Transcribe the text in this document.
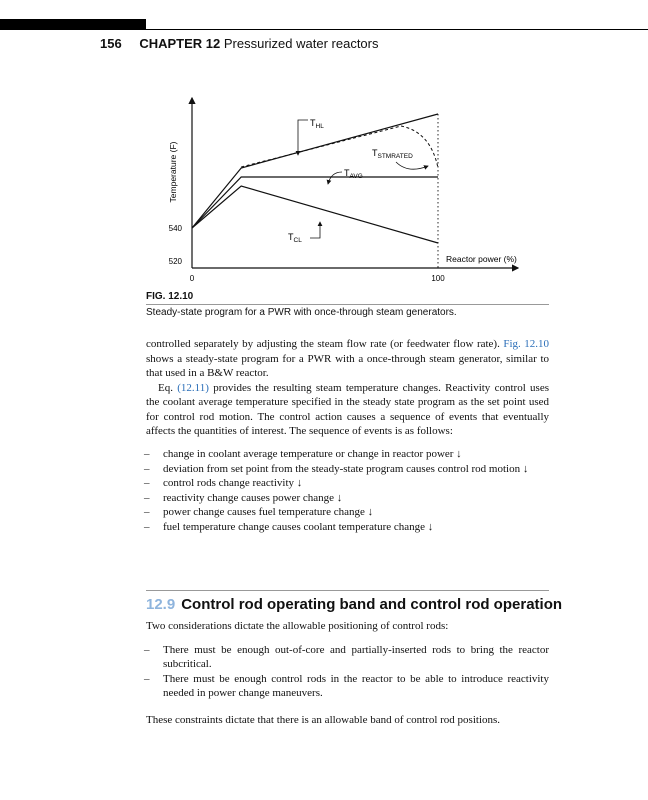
156 CHAPTER 12 Pressurized water reactors
540
520
0	100
Temperature (F)
Reactor power (%)
$T_{HL}$
$T_{STMRATED}$
$T_{AVG}$
$T_{CL}$
FIG. 12.10
Steady-state program for a PWR with once-through steam generators.
controlled separately by adjusting the steam flow rate (or feedwater flow rate). Fig. 12.10 shows a steady-state program for a PWR with a once-through steam generator, similar to that used in a B&W reactor.
Eq. (12.11) provides the resulting steam temperature changes. Reactivity control uses the coolant average temperature specified in the steady state program as the set point used for control rod motion. The control action causes a sequence of events that eventually affects the quantities of interest. The sequence of events is as follows:
– change in coolant average temperature or change in reactor power ↓
– deviation from set point from the steady-state program causes control rod motion ↓
– control rods change reactivity ↓
– reactivity change causes power change ↓
– power change causes fuel temperature change ↓
– fuel temperature change causes coolant temperature change ↓
12.9 Control rod operating band and control rod operation
Two considerations dictate the allowable positioning of control rods:
– There must be enough out-of-core and partially-inserted rods to bring the reactor subcritical.
– There must be enough control rods in the reactor to be able to introduce reactivity needed in power change maneuvers.
These constraints dictate that there is an allowable band of control rod positions.
